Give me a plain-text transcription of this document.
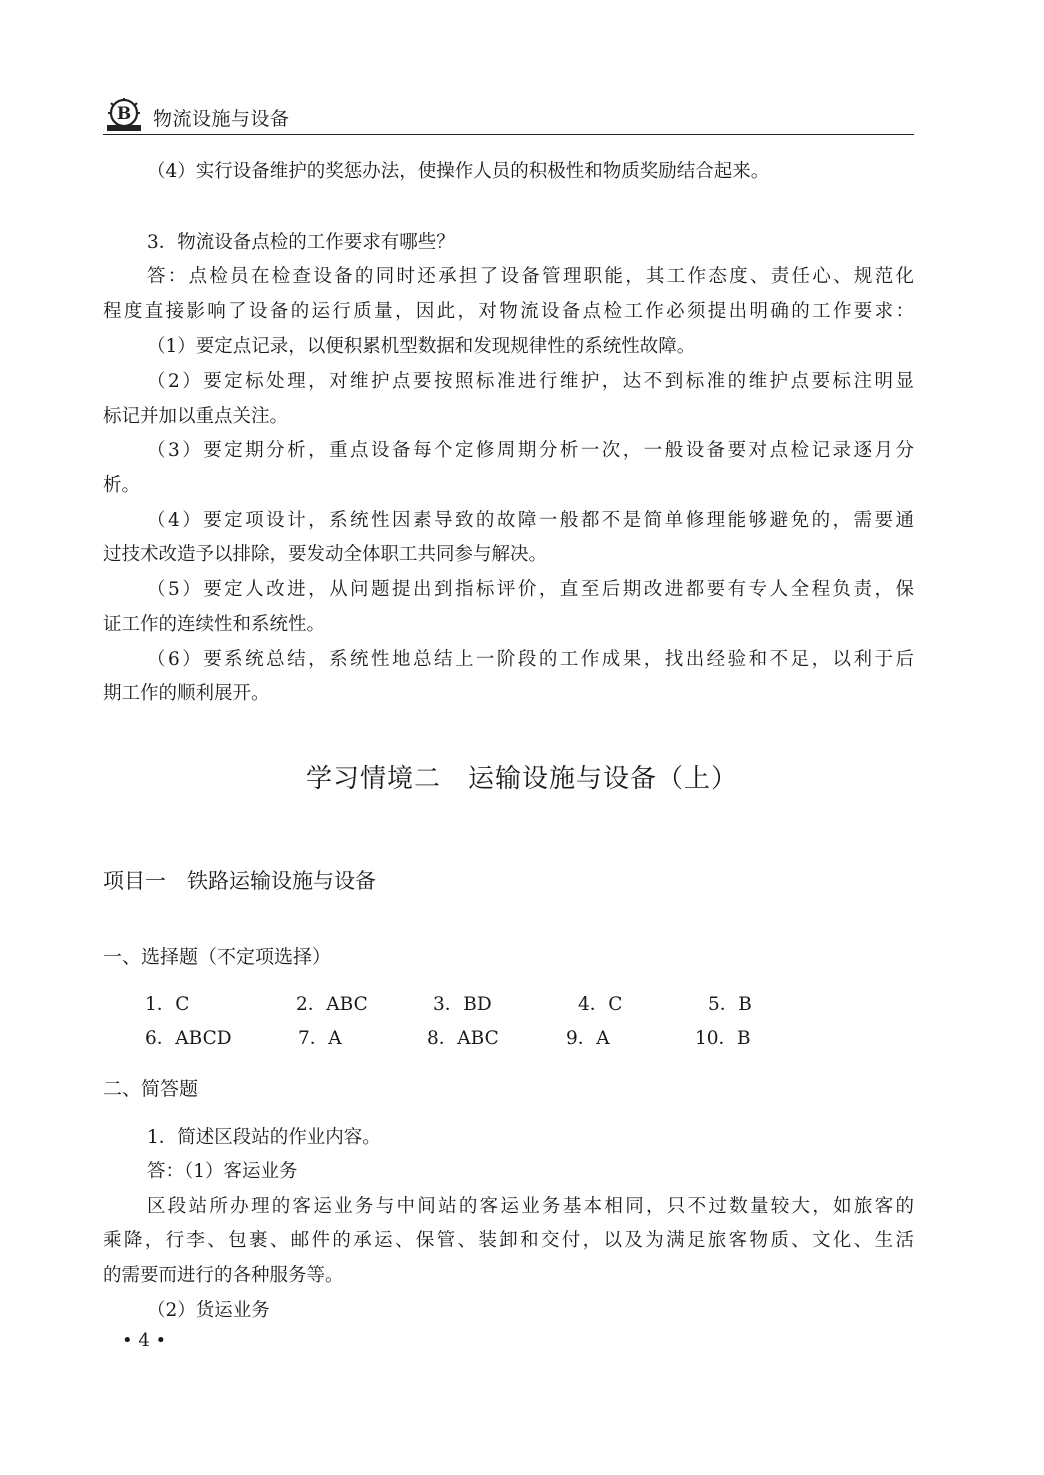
B 物流设施与设备
（4）实行设备维护的奖惩办法，使操作人员的积极性和物质奖励结合起来。
3．物流设备点检的工作要求有哪些？
答：点检员在检查设备的同时还承担了设备管理职能，其工作态度、责任心、规范化
程度直接影响了设备的运行质量，因此，对物流设备点检工作必须提出明确的工作要求：
（1）要定点记录，以便积累机型数据和发现规律性的系统性故障。
（2）要定标处理，对维护点要按照标准进行维护，达不到标准的维护点要标注明显
标记并加以重点关注。
（3）要定期分析，重点设备每个定修周期分析一次，一般设备要对点检记录逐月分
析。
（4）要定项设计，系统性因素导致的故障一般都不是简单修理能够避免的，需要通
过技术改造予以排除，要发动全体职工共同参与解决。
（5）要定人改进，从问题提出到指标评价，直至后期改进都要有专人全程负责，保
证工作的连续性和系统性。
（6）要系统总结，系统性地总结上一阶段的工作成果，找出经验和不足，以利于后
期工作的顺利展开。
学习情境二　运输设施与设备（上）
项目一　铁路运输设施与设备
一、选择题（不定项选择）
1．C	2．ABC	3．BD	4．C	5．B
6．ABCD	7．A	8．ABC	9．A	10．B
二、简答题
1．简述区段站的作业内容。
答：（1）客运业务
区段站所办理的客运业务与中间站的客运业务基本相同，只不过数量较大，如旅客的
乘降，行李、包裹、邮件的承运、保管、装卸和交付，以及为满足旅客物质、文化、生活
的需要而进行的各种服务等。
（2）货运业务
• 4 •
